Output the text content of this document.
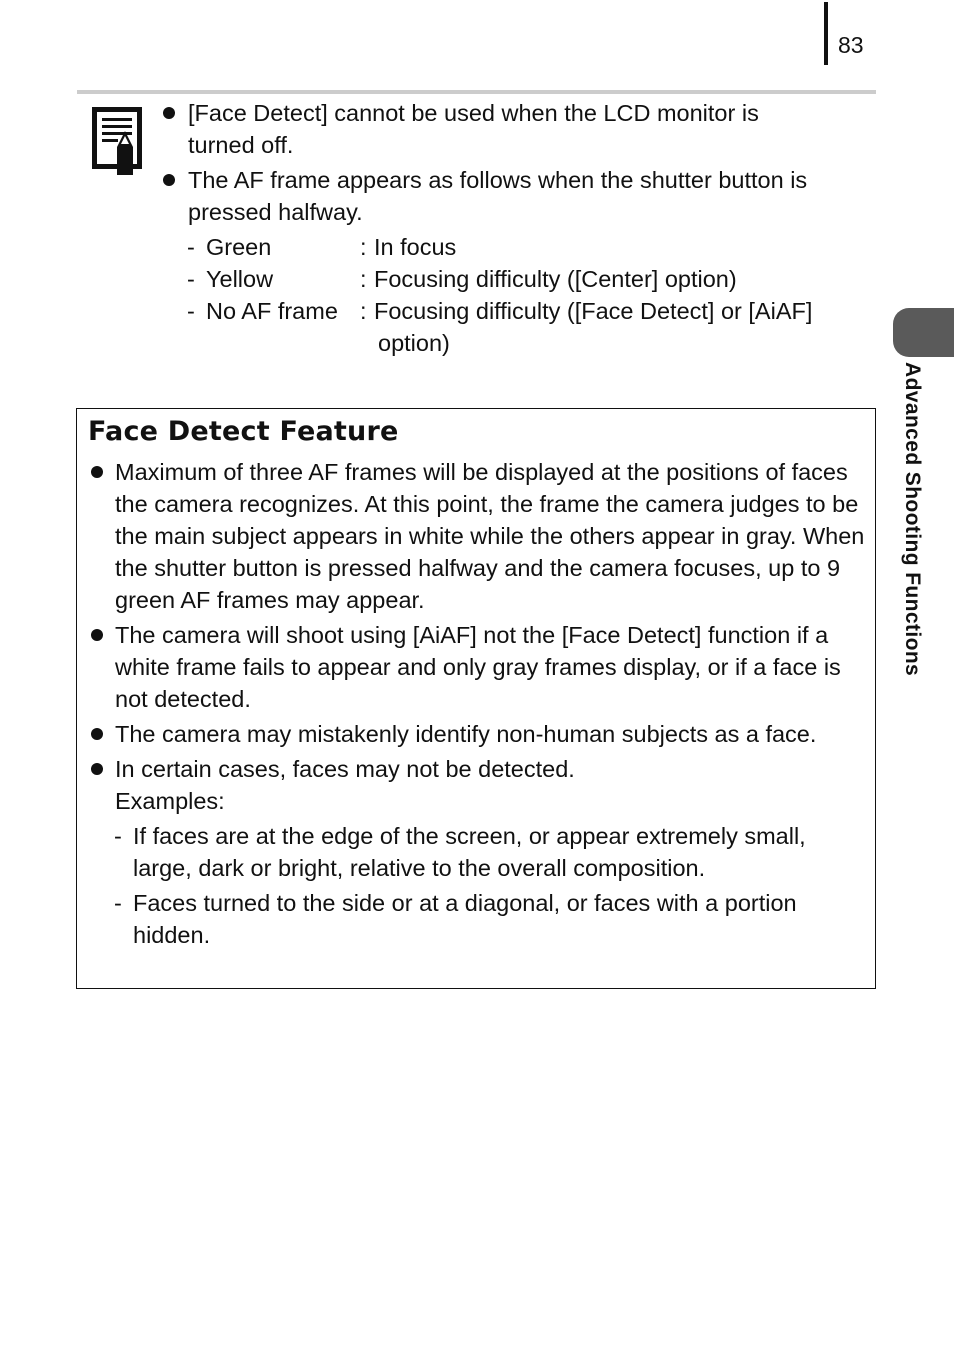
83
[Face Detect] cannot be used when the LCD monitor is
turned off.
The AF frame appears as follows when the shutter button is
pressed halfway.
- Green	: In focus
- Yellow	: Focusing difficulty ([Center] option)
- No AF frame : Focusing difficulty ([Face Detect] or [AiAF]
option)
Face Detect Feature
Maximum of three AF frames will be displayed at the positions of faces the camera recognizes. At this point, the frame the camera judges to be the main subject appears in white while the others appear in gray. When the shutter button is pressed halfway and the camera focuses, up to 9 green AF frames may appear.
The camera will shoot using [AiAF] not the [Face Detect] function if a white frame fails to appear and only gray frames display, or if a face is not detected.
The camera may mistakenly identify non-human subjects as a face.
In certain cases, faces may not be detected.
Examples:
- If faces are at the edge of the screen, or appear extremely small, large, dark or bright, relative to the overall composition.
- Faces turned to the side or at a diagonal, or faces with a portion hidden.
Advanced Shooting Functions
